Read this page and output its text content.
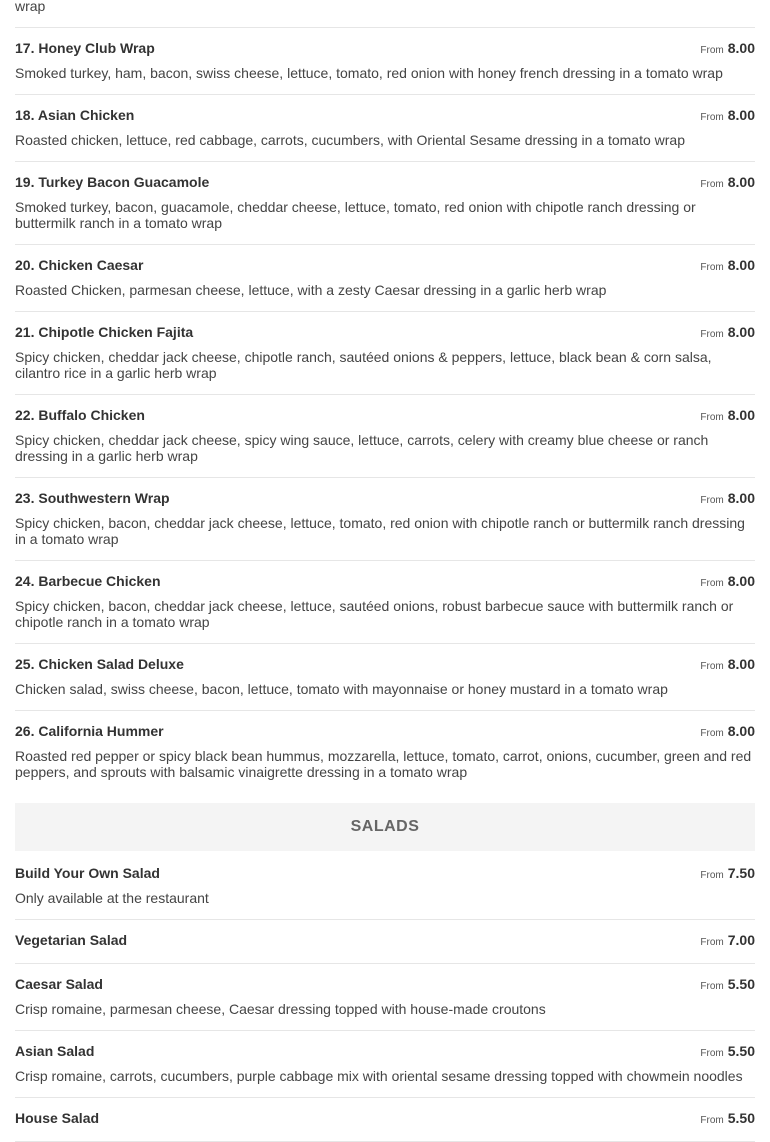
wrap
17. Honey Club Wrap	From 8.00
Smoked turkey, ham, bacon, swiss cheese, lettuce, tomato, red onion with honey french dressing in a tomato wrap
18. Asian Chicken	From 8.00
Roasted chicken, lettuce, red cabbage, carrots, cucumbers, with Oriental Sesame dressing in a tomato wrap
19. Turkey Bacon Guacamole	From 8.00
Smoked turkey, bacon, guacamole, cheddar cheese, lettuce, tomato, red onion with chipotle ranch dressing or buttermilk ranch in a tomato wrap
20. Chicken Caesar	From 8.00
Roasted Chicken, parmesan cheese, lettuce, with a zesty Caesar dressing in a garlic herb wrap
21. Chipotle Chicken Fajita	From 8.00
Spicy chicken, cheddar jack cheese, chipotle ranch, sautéed onions & peppers, lettuce, black bean & corn salsa, cilantro rice in a garlic herb wrap
22. Buffalo Chicken	From 8.00
Spicy chicken, cheddar jack cheese, spicy wing sauce, lettuce, carrots, celery with creamy blue cheese or ranch dressing in a garlic herb wrap
23. Southwestern Wrap	From 8.00
Spicy chicken, bacon, cheddar jack cheese, lettuce, tomato, red onion with chipotle ranch or buttermilk ranch dressing in a tomato wrap
24. Barbecue Chicken	From 8.00
Spicy chicken, bacon, cheddar jack cheese, lettuce, sautéed onions, robust barbecue sauce with buttermilk ranch or chipotle ranch in a tomato wrap
25. Chicken Salad Deluxe	From 8.00
Chicken salad, swiss cheese, bacon, lettuce, tomato with mayonnaise or honey mustard in a tomato wrap
26. California Hummer	From 8.00
Roasted red pepper or spicy black bean hummus, mozzarella, lettuce, tomato, carrot, onions, cucumber, green and red peppers, and sprouts with balsamic vinaigrette dressing in a tomato wrap
SALADS
Build Your Own Salad	From 7.50
Only available at the restaurant
Vegetarian Salad	From 7.00
Caesar Salad	From 5.50
Crisp romaine, parmesan cheese, Caesar dressing topped with house-made croutons
Asian Salad	From 5.50
Crisp romaine, carrots, cucumbers, purple cabbage mix with oriental sesame dressing topped with chowmein noodles
House Salad	From 5.50
